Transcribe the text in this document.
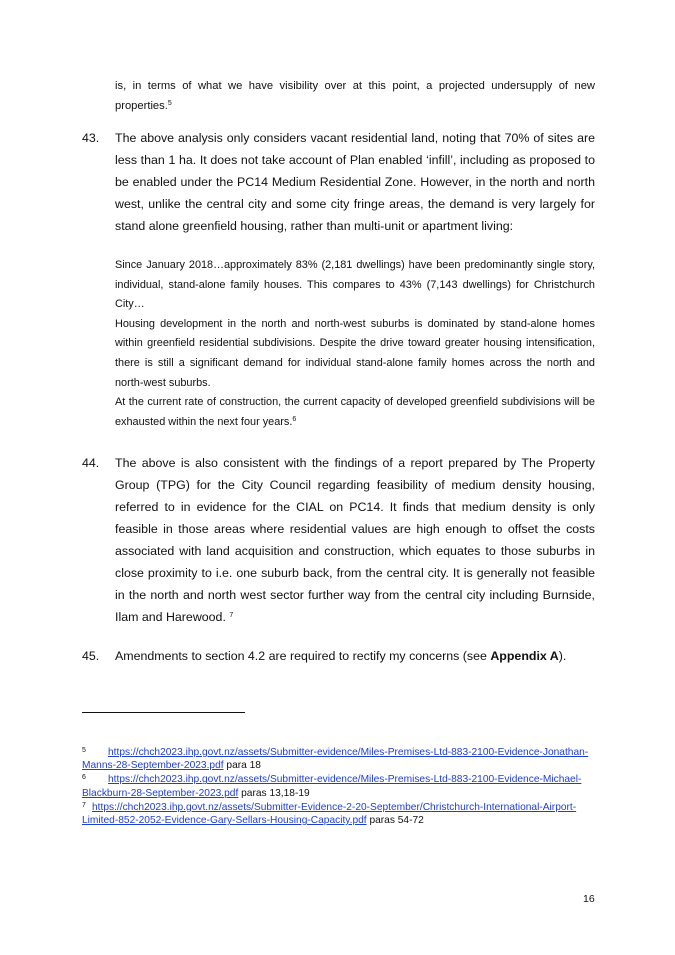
is, in terms of what we have visibility over at this point, a projected undersupply of new properties.$^5$
43. The above analysis only considers vacant residential land, noting that 70% of sites are less than 1 ha. It does not take account of Plan enabled ‘infill’, including as proposed to be enabled under the PC14 Medium Residential Zone. However, in the north and north west, unlike the central city and some city fringe areas, the demand is very largely for stand alone greenfield housing, rather than multi-unit or apartment living:

Since January 2018…approximately 83% (2,181 dwellings) have been predominantly single story, individual, stand-alone family houses. This compares to 43% (7,143 dwellings) for Christchurch City…

Housing development in the north and north-west suburbs is dominated by stand-alone homes within greenfield residential subdivisions. Despite the drive toward greater housing intensification, there is still a significant demand for individual stand-alone family homes across the north and north-west suburbs.

At the current rate of construction, the current capacity of developed greenfield subdivisions will be exhausted within the next four years.$^6$

44. The above is also consistent with the findings of a report prepared by The Property Group (TPG) for the City Council regarding feasibility of medium density housing, referred to in evidence for the CIAL on PC14. It finds that medium density is only feasible in those areas where residential values are high enough to offset the costs associated with land acquisition and construction, which equates to those suburbs in close proximity to i.e. one suburb back, from the central city. It is generally not feasible in the north and north west sector further way from the central city including Burnside, Ilam and Harewood. $^7$
45. Amendments to section 4.2 are required to rectify my concerns (see Appendix A).
5 https://chch2023.ihp.govt.nz/assets/Submitter-evidence/Miles-Premises-Ltd-883-2100-Evidence-Jonathan-Manns-28-September-2023.pdf para 18
6 https://chch2023.ihp.govt.nz/assets/Submitter-evidence/Miles-Premises-Ltd-883-2100-Evidence-Michael-Blackburn-28-September-2023.pdf paras 13,18-19
7 https://chch2023.ihp.govt.nz/assets/Submitter-Evidence-2-20-September/Christchurch-International-Airport-Limited-852-2052-Evidence-Gary-Sellars-Housing-Capacity.pdf paras 54-72
16
